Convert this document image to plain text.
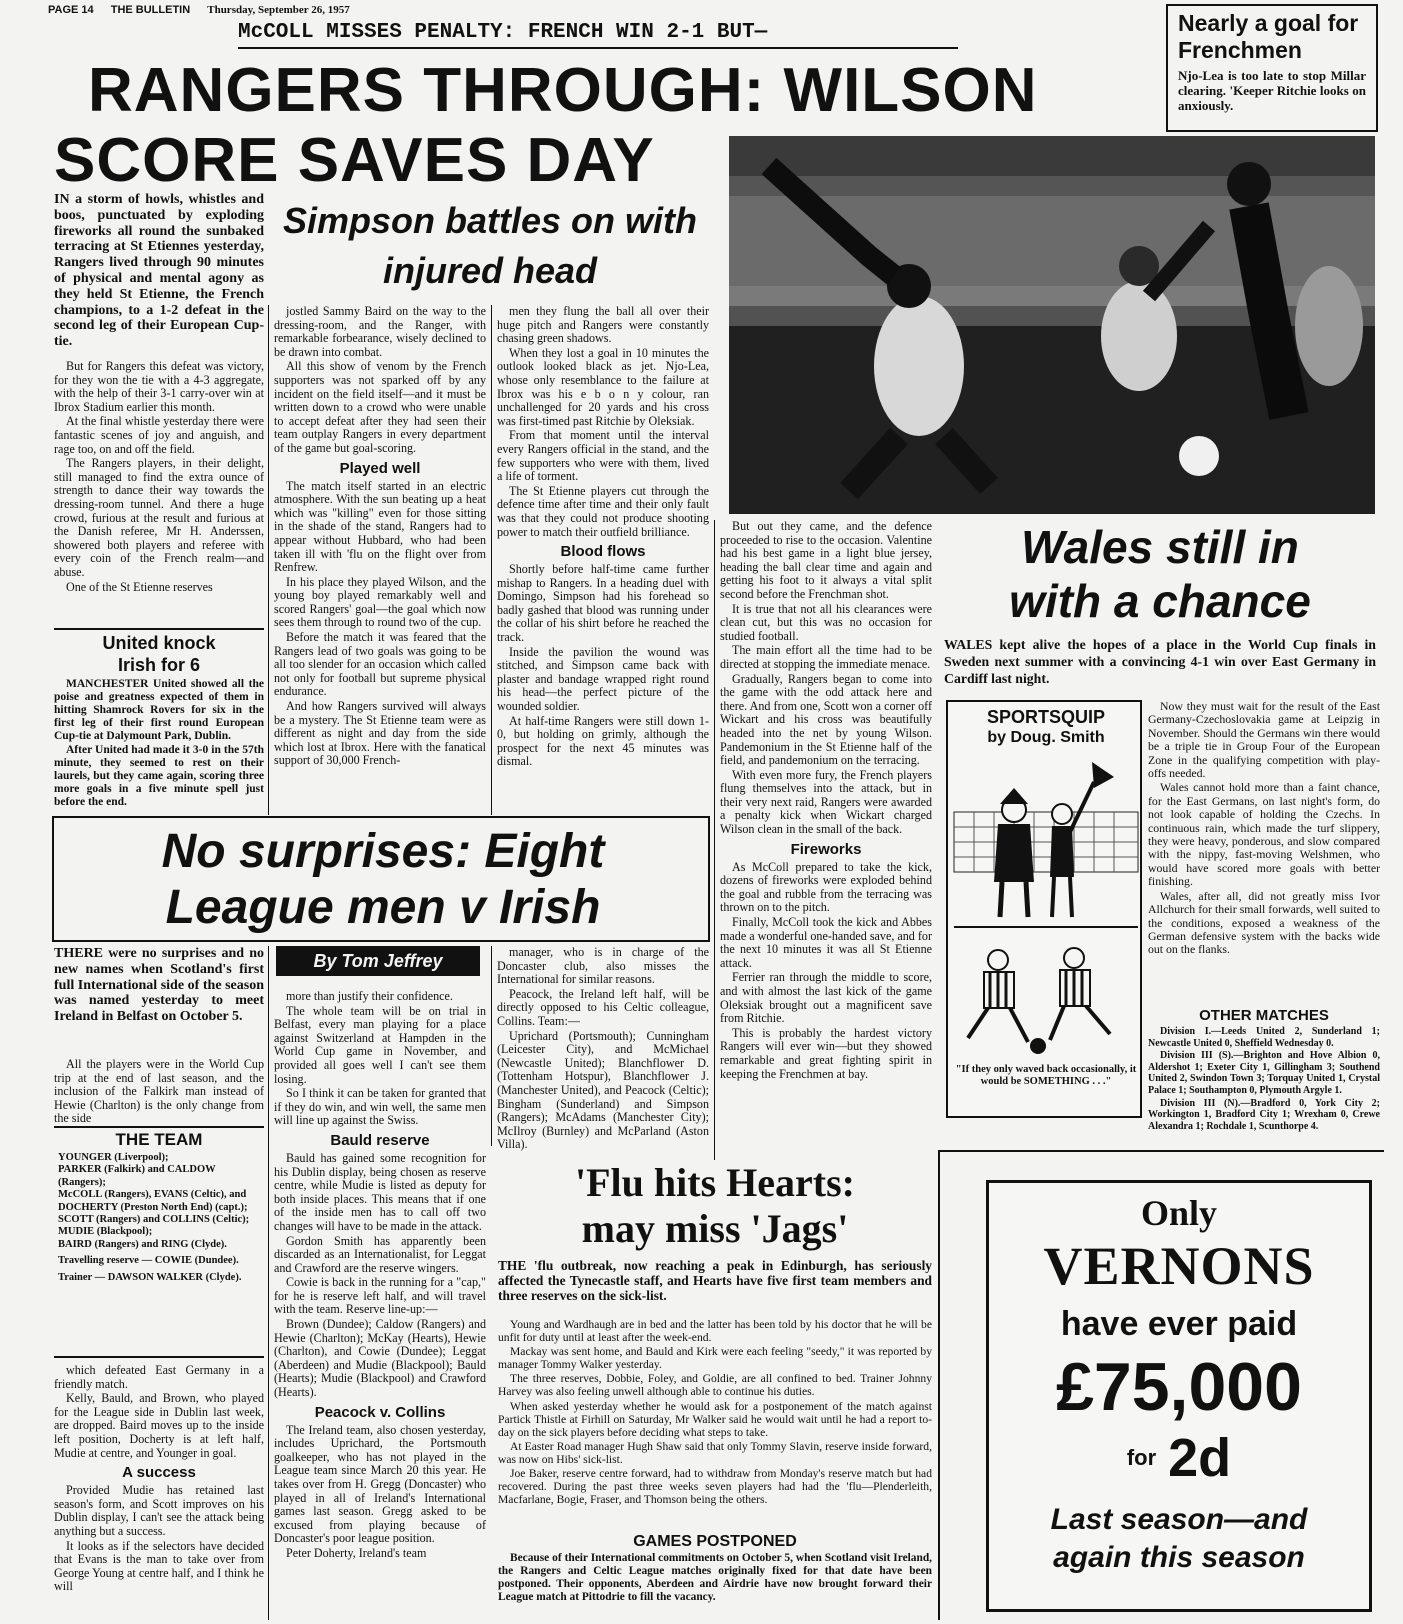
PAGE 14 THE BULLETIN Thursday, September 26, 1957
McCOLL MISSES PENALTY: FRENCH WIN 2-1 BUT—	Nearly a goal for Frenchmen
Njo-Lea is too late to stop Millar clearing. 'Keeper Ritchie looks on anxiously.
RANGERS THROUGH: WILSON
SCORE SAVES DAY
Simpson battles on with injured head
IN a storm of howls, whistles and boos, punctuated by exploding fireworks all round the sunbaked terracing at St Etiennes yesterday, Rangers lived through 90 minutes of physical and mental agony as they held St Etienne, the French champions, to a 1-2 defeat in the second leg of their European Cup-tie.

But for Rangers this defeat was victory, for they won the tie with a 4-3 aggregate, with the help of their 3-1 carry-over win at Ibrox Stadium earlier this month.

At the final whistle yesterday there were fantastic scenes of joy and anguish, and rage too, on and off the field.

The Rangers players, in their delight, still managed to find the extra ounce of strength to dance their way towards the dressing-room tunnel. And there a huge crowd, furious at the result and furious at the Danish referee, Mr H. Anderssen, showered both players and referee with every coin of the French realm—and abuse.

One of the St Etienne reserves

jostled Sammy Baird on the way to the dressing-room, and the Ranger, with remarkable forbearance, wisely declined to be drawn into combat.

All this show of venom by the French supporters was not sparked off by any incident on the field itself—and it must be written down to a crowd who were unable to accept defeat after they had seen their team outplay Rangers in every department of the game but goal-scoring.

Played well

The match itself started in an electric atmosphere. With the sun beating up a heat which was "killing" even for those sitting in the shade of the stand, Rangers had to appear without Hubbard, who had been taken ill with 'flu on the flight over from Renfrew.

In his place they played Wilson, and the young boy played remarkably well and scored Rangers' goal—the goal which now sees them through to round two of the cup.

Before the match it was feared that the Rangers lead of two goals was going to be all too slender for an occasion which called not only for football but supreme physical endurance.

And how Rangers survived will always be a mystery. The St Etienne team were as different as night and day from the side which lost at Ibrox. Here with the fanatical support of 30,000 French-

men they flung the ball all over their huge pitch and Rangers were constantly chasing green shadows.

When they lost a goal in 10 minutes the outlook looked black as jet. Njo-Lea, whose only resemblance to the failure at Ibrox was his e b o n y colour, ran unchallenged for 20 yards and his cross was first-timed past Ritchie by Oleksiak.

From that moment until the interval every Rangers official in the stand, and the few supporters who were with them, lived a life of torment.

The St Etienne players cut through the defence time after time and their only fault was that they could not produce shooting power to match their outfield brilliance.

Blood flows

Shortly before half-time came further mishap to Rangers. In a heading duel with Domingo, Simpson had his forehead so badly gashed that blood was running under the collar of his shirt before he reached the track.

Inside the pavilion the wound was stitched, and Simpson came back with plaster and bandage wrapped right round his head—the perfect picture of the wounded soldier.

At half-time Rangers were still down 1-0, but holding on grimly, although the prospect for the next 45 minutes was dismal.

But out they came, and the defence proceeded to rise to the occasion. Valentine had his best game in a light blue jersey, heading the ball clear time and again and getting his foot to it always a vital split second before the Frenchman shot.

It is true that not all his clearances were clean cut, but this was no occasion for studied football.

The main effort all the time had to be directed at stopping the immediate menace.

Gradually, Rangers began to come into the game with the odd attack here and there. And from one, Scott won a corner off Wickart and his cross was beautifully headed into the net by young Wilson. Pandemonium in the St Etienne half of the field, and pandemonium on the terracing.

With even more fury, the French players flung themselves into the attack, but in their very next raid, Rangers were awarded a penalty kick when Wickart charged Wilson clean in the small of the back.

Fireworks

As McColl prepared to take the kick, dozens of fireworks were exploded behind the goal and rubble from the terracing was thrown on to the pitch.

Finally, McColl took the kick and Abbes made a wonderful one-handed save, and for the next 10 minutes it was all St Etienne attack.

Ferrier ran through the middle to score, and with almost the last kick of the game Oleksiak brought out a magnificent save from Ritchie.

This is probably the hardest victory Rangers will ever win—but they showed remarkable and great fighting spirit in keeping the Frenchmen at bay.

United knock Irish for 6

MANCHESTER United showed all the poise and greatness expected of them in hitting Shamrock Rovers for six in the first leg of their first round European Cup-tie at Dalymount Park, Dublin.

After United had made it 3-0 in the 57th minute, they seemed to rest on their laurels, but they came again, scoring three more goals in a five minute spell just before the end.

No surprises: Eight
League men v Irish
THERE were no surprises and no new names when Scotland's first full International side of the season was named yesterday to meet Ireland in Belfast on October 5.

All the players were in the World Cup trip at the end of last season, and the inclusion of the Falkirk man instead of Hewie (Charlton) is the only change from the side

THE TEAM
YOUNGER (Liverpool);
PARKER (Falkirk) and CALDOW (Rangers);
McCOLL (Rangers), EVANS (Celtic), and DOCHERTY (Preston North End) (capt.);
SCOTT (Rangers) and COLLINS (Celtic);
MUDIE (Blackpool);
BAIRD (Rangers) and RING (Clyde).
Travelling reserve — COWIE (Dundee).
Trainer — DAWSON WALKER (Clyde).

which defeated East Germany in a friendly match.

Kelly, Bauld, and Brown, who played for the League side in Dublin last week, are dropped. Baird moves up to the inside left position, Docherty is at left half, Mudie at centre, and Younger in goal.

A success

Provided Mudie has retained last season's form, and Scott improves on his Dublin display, I can't see the attack being anything but a success.

It looks as if the selectors have decided that Evans is the man to take over from George Young at centre half, and I think he will

By Tom Jeffrey

more than justify their confidence.

The whole team will be on trial in Belfast, every man playing for a place against Switzerland at Hampden in the World Cup game in November, and provided all goes well I can't see them losing.

So I think it can be taken for granted that if they do win, and win well, the same men will line up against the Swiss.

Bauld reserve

Bauld has gained some recognition for his Dublin display, being chosen as reserve centre, while Mudie is listed as deputy for both inside places. This means that if one of the inside men has to call off two changes will have to be made in the attack.

Gordon Smith has apparently been discarded as an Internationalist, for Leggat and Crawford are the reserve wingers.

Cowie is back in the running for a "cap," for he is reserve left half, and will travel with the team. Reserve line-up:—

Brown (Dundee); Caldow (Rangers) and Hewie (Charlton); McKay (Hearts), Hewie (Charlton), and Cowie (Dundee); Leggat (Aberdeen) and Mudie (Blackpool); Bauld (Hearts); Mudie (Blackpool) and Crawford (Hearts).

Peacock v. Collins

The Ireland team, also chosen yesterday, includes Uprichard, the Portsmouth goalkeeper, who has not played in the League team since March 20 this year. He takes over from H. Gregg (Doncaster) who played in all of Ireland's International games last season. Gregg asked to be excused from playing because of Doncaster's poor league position.

Peter Doherty, Ireland's team

manager, who is in charge of the Doncaster club, also misses the International for similar reasons.

Peacock, the Ireland left half, will be directly opposed to his Celtic colleague, Collins. Team:—

Uprichard (Portsmouth); Cunningham (Leicester City), and McMichael (Newcastle United); Blanchflower D. (Tottenham Hotspur), Blanchflower J. (Manchester United), and Peacock (Celtic); Bingham (Sunderland) and Simpson (Rangers); McAdams (Manchester City); McIlroy (Burnley) and McParland (Aston Villa).

'Flu hits Hearts:
may miss 'Jags'
THE 'flu outbreak, now reaching a peak in Edinburgh, has seriously affected the Tynecastle staff, and Hearts have five first team members and three reserves on the sick-list.

Young and Wardhaugh are in bed and the latter has been told by his doctor that he will be unfit for duty until at least after the week-end.

Mackay was sent home, and Bauld and Kirk were each feeling "seedy," it was reported by manager Tommy Walker yesterday.

The three reserves, Dobbie, Foley, and Goldie, are all confined to bed. Trainer Johnny Harvey was also feeling unwell although able to continue his duties.

When asked yesterday whether he would ask for a postponement of the match against Partick Thistle at Firhill on Saturday, Mr Walker said he would wait until he had a report to-day on the sick players before deciding what steps to take.

At Easter Road manager Hugh Shaw said that only Tommy Slavin, reserve inside forward, was now on Hibs' sick-list.

Joe Baker, reserve centre forward, had to withdraw from Monday's reserve match but had recovered. During the past three weeks seven players had had the 'flu—Plenderleith, Macfarlane, Bogie, Fraser, and Thomson being the others.

GAMES POSTPONED

Because of their International commitments on October 5, when Scotland visit Ireland, the Rangers and Celtic League matches originally fixed for that date have been postponed. Their opponents, Aberdeen and Airdrie have now brought forward their League match at Pittodrie to fill the vacancy.

Wales still in
with a chance
WALES kept alive the hopes of a place in the World Cup finals in Sweden next summer with a convincing 4-1 win over East Germany in Cardiff last night.
SPORTSQUIP
by Doug. Smith
"If they only waved back occasionally, it would be SOMETHING . . ."

Now they must wait for the result of the East Germany-Czechoslovakia game at Leipzig in November. Should the Germans win there would be a triple tie in Group Four of the European Zone in the qualifying competition with play-offs needed.

Wales cannot hold more than a faint chance, for the East Germans, on last night's form, do not look capable of holding the Czechs. In continuous rain, which made the turf slippery, they were heavy, ponderous, and slow compared with the nippy, fast-moving Welshmen, who would have scored more goals with better finishing.

Wales, after all, did not greatly miss Ivor Allchurch for their small forwards, well suited to the conditions, exposed a weakness of the German defensive system with the backs wide out on the flanks.

OTHER MATCHES

Division I.—Leeds United 2, Sunderland 1; Newcastle United 0, Sheffield Wednesday 0.

Division III (S).—Brighton and Hove Albion 0, Aldershot 1; Exeter City 1, Gillingham 3; Southend United 2, Swindon Town 3; Torquay United 1, Crystal Palace 1; Southampton 0, Plymouth Argyle 1.

Division III (N).—Bradford 0, York City 2; Workington 1, Bradford City 1; Wrexham 0, Crewe Alexandra 1; Rochdale 1, Scunthorpe 4.

Only
VERNONS
have ever paid
£75,000
for 2d
Last season—and
again this season
